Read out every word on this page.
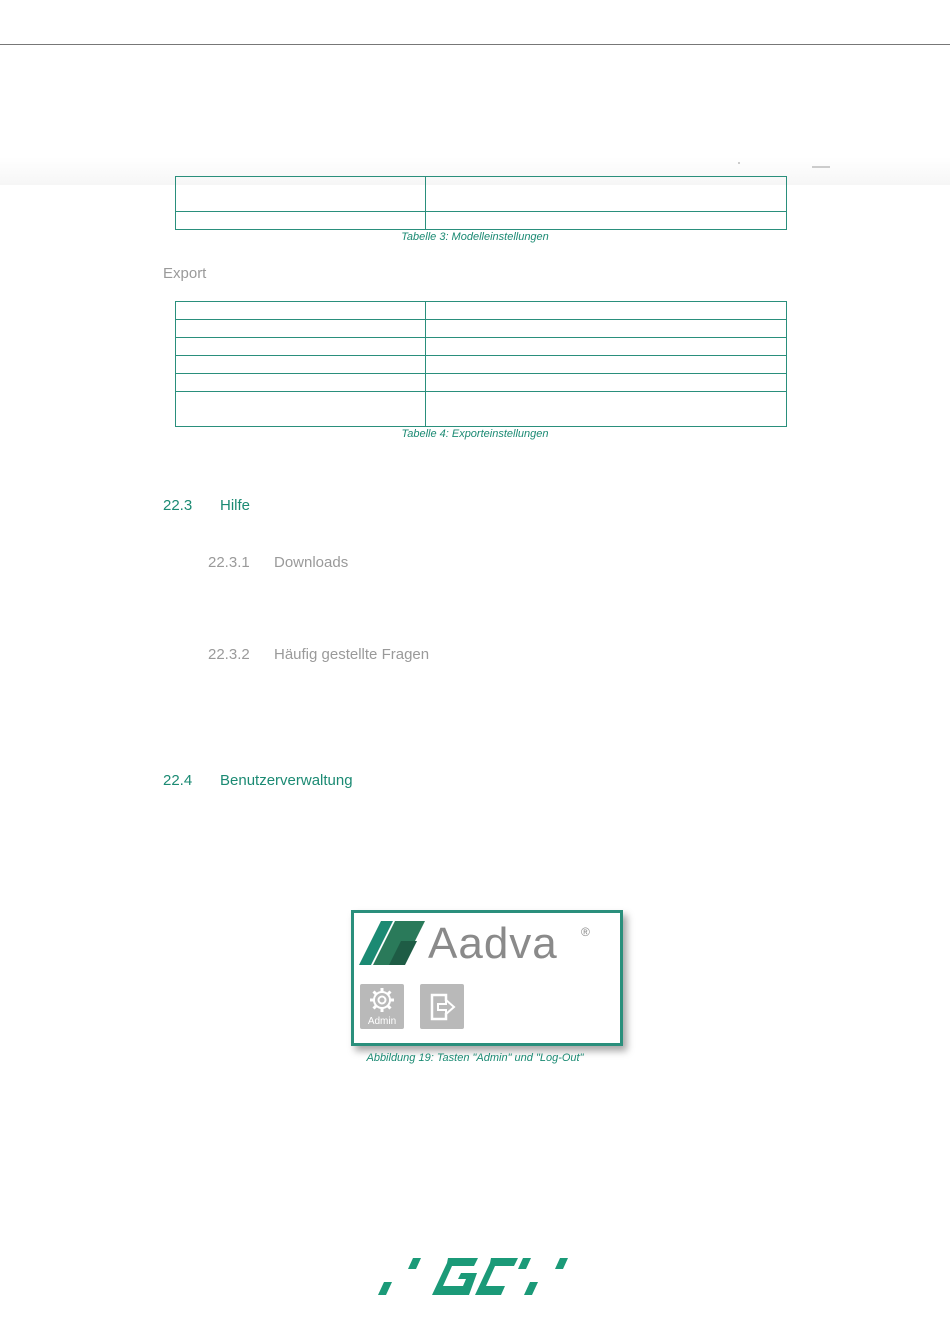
Tabelle 3: Modelleinstellungen
Export

Tabelle 4: Exporteinstellungen
22.3 Hilfe
22.3.1 Downloads
22.3.2 Häufig gestellte Fragen
22.4 Benutzerverwaltung
Aadva ®
Admin
Abbildung 19: Tasten "Admin" und "Log-Out"
